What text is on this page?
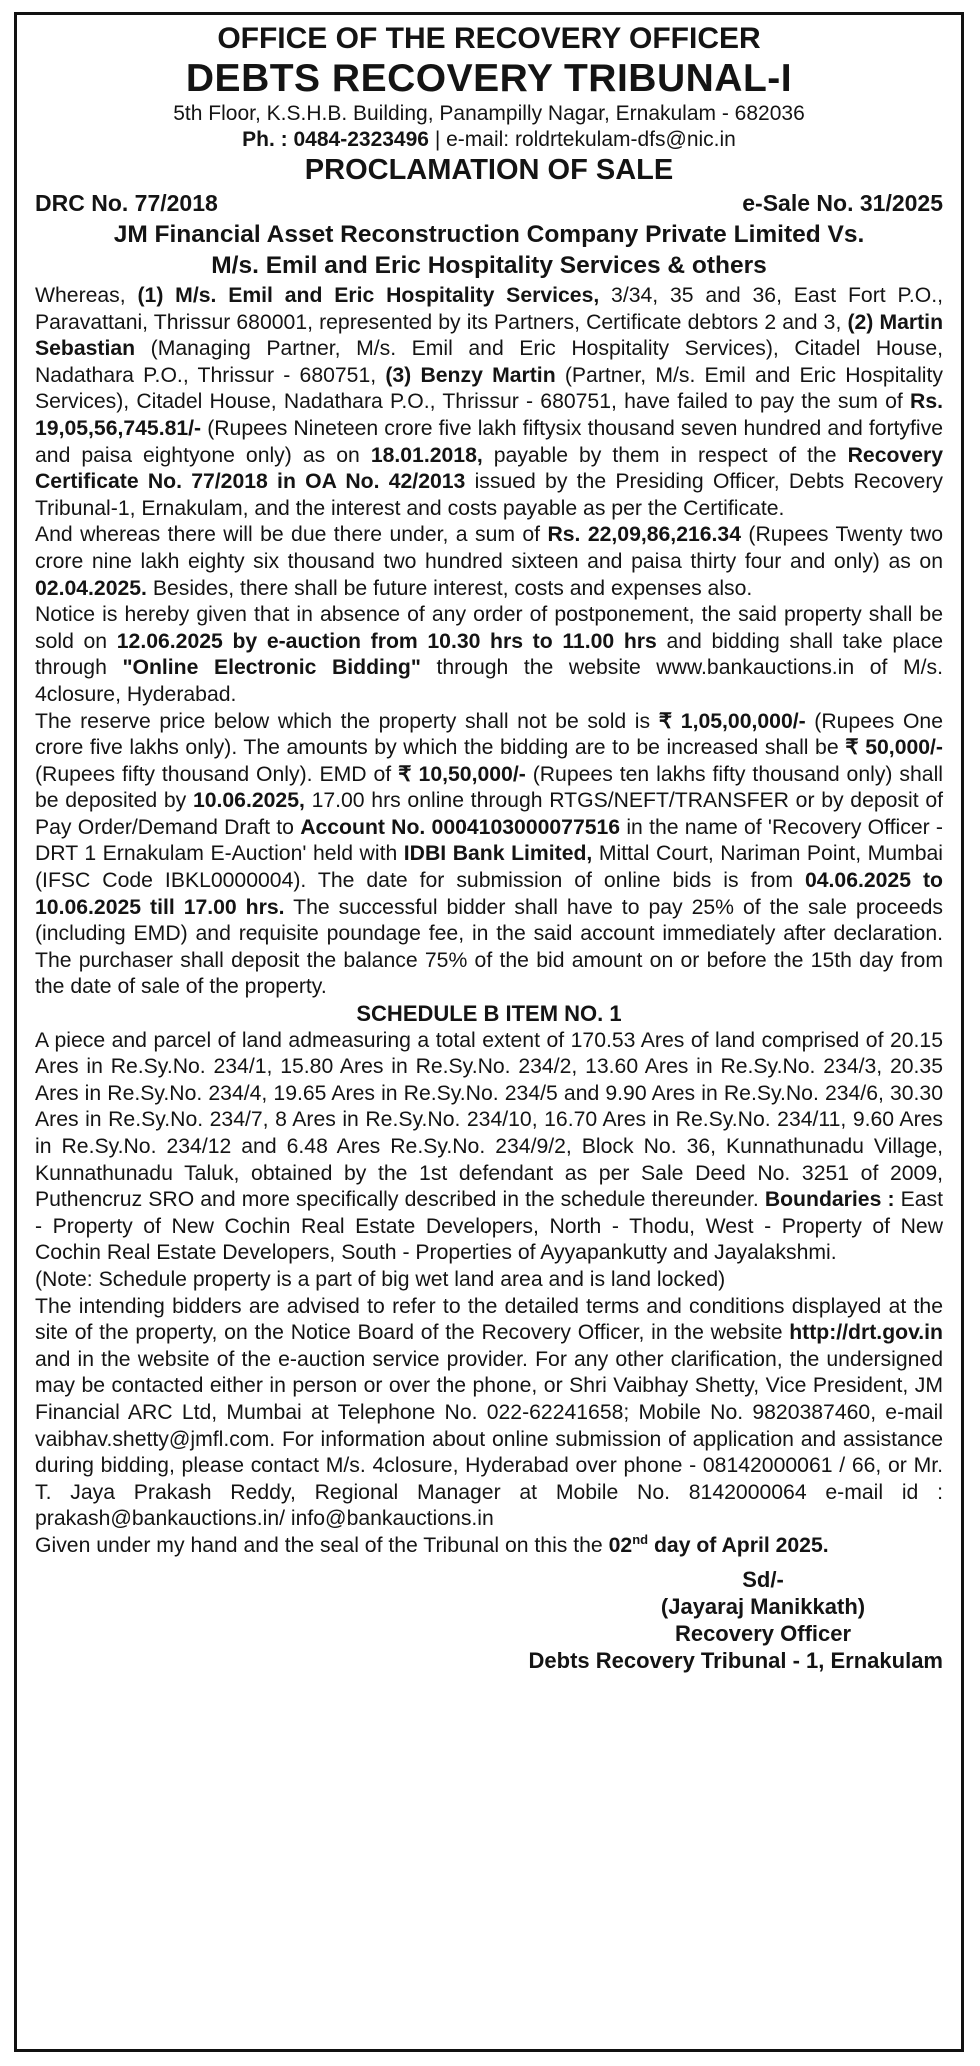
OFFICE OF THE RECOVERY OFFICER
DEBTS RECOVERY TRIBUNAL-I
5th Floor, K.S.H.B. Building, Panampilly Nagar, Ernakulam - 682036
Ph. : 0484-2323496 | e-mail: roldrtekulam-dfs@nic.in
PROCLAMATION OF SALE
DRC No. 77/2018	e-Sale No. 31/2025
JM Financial Asset Reconstruction Company Private Limited Vs.
M/s. Emil and Eric Hospitality Services & others

Whereas, (1) M/s. Emil and Eric Hospitality Services, 3/34, 35 and 36, East Fort P.O., Paravattani, Thrissur 680001, represented by its Partners, Certificate debtors 2 and 3, (2) Martin Sebastian (Managing Partner, M/s. Emil and Eric Hospitality Services), Citadel House, Nadathara P.O., Thrissur - 680751, (3) Benzy Martin (Partner, M/s. Emil and Eric Hospitality Services), Citadel House, Nadathara P.O., Thrissur - 680751, have failed to pay the sum of Rs. 19,05,56,745.81/- (Rupees Nineteen crore five lakh fiftysix thousand seven hundred and fortyfive and paisa eightyone only) as on 18.01.2018, payable by them in respect of the Recovery Certificate No. 77/2018 in OA No. 42/2013 issued by the Presiding Officer, Debts Recovery Tribunal-1, Ernakulam, and the interest and costs payable as per the Certificate.

And whereas there will be due there under, a sum of Rs. 22,09,86,216.34 (Rupees Twenty two crore nine lakh eighty six thousand two hundred sixteen and paisa thirty four and only) as on 02.04.2025. Besides, there shall be future interest, costs and expenses also.

Notice is hereby given that in absence of any order of postponement, the said property shall be sold on 12.06.2025 by e-auction from 10.30 hrs to 11.00 hrs and bidding shall take place through "Online Electronic Bidding" through the website www.bankauctions.in of M/s. 4closure, Hyderabad.

The reserve price below which the property shall not be sold is ₹ 1,05,00,000/- (Rupees One crore five lakhs only). The amounts by which the bidding are to be increased shall be ₹ 50,000/- (Rupees fifty thousand Only). EMD of ₹ 10,50,000/- (Rupees ten lakhs fifty thousand only) shall be deposited by 10.06.2025, 17.00 hrs online through RTGS/NEFT/TRANSFER or by deposit of Pay Order/Demand Draft to Account No. 0004103000077516 in the name of 'Recovery Officer - DRT 1 Ernakulam E-Auction' held with IDBI Bank Limited, Mittal Court, Nariman Point, Mumbai (IFSC Code IBKL0000004). The date for submission of online bids is from 04.06.2025 to 10.06.2025 till 17.00 hrs. The successful bidder shall have to pay 25% of the sale proceeds (including EMD) and requisite poundage fee, in the said account immediately after declaration. The purchaser shall deposit the balance 75% of the bid amount on or before the 15th day from the date of sale of the property.

SCHEDULE B ITEM NO. 1

A piece and parcel of land admeasuring a total extent of 170.53 Ares of land comprised of 20.15 Ares in Re.Sy.No. 234/1, 15.80 Ares in Re.Sy.No. 234/2, 13.60 Ares in Re.Sy.No. 234/3, 20.35 Ares in Re.Sy.No. 234/4, 19.65 Ares in Re.Sy.No. 234/5 and 9.90 Ares in Re.Sy.No. 234/6, 30.30 Ares in Re.Sy.No. 234/7, 8 Ares in Re.Sy.No. 234/10, 16.70 Ares in Re.Sy.No. 234/11, 9.60 Ares in Re.Sy.No. 234/12 and 6.48 Ares Re.Sy.No. 234/9/2, Block No. 36, Kunnathunadu Village, Kunnathunadu Taluk, obtained by the 1st defendant as per Sale Deed No. 3251 of 2009, Puthencruz SRO and more specifically described in the schedule thereunder. Boundaries : East - Property of New Cochin Real Estate Developers, North - Thodu, West - Property of New Cochin Real Estate Developers, South - Properties of Ayyapankutty and Jayalakshmi.

(Note: Schedule property is a part of big wet land area and is land locked)

The intending bidders are advised to refer to the detailed terms and conditions displayed at the site of the property, on the Notice Board of the Recovery Officer, in the website http://drt.gov.in and in the website of the e-auction service provider. For any other clarification, the undersigned may be contacted either in person or over the phone, or Shri Vaibhay Shetty, Vice President, JM Financial ARC Ltd, Mumbai at Telephone No. 022-62241658; Mobile No. 9820387460, e-mail vaibhav.shetty@jmfl.com. For information about online submission of application and assistance during bidding, please contact M/s. 4closure, Hyderabad over phone - 08142000061 / 66, or Mr. T. Jaya Prakash Reddy, Regional Manager at Mobile No. 8142000064 e-mail id : prakash@bankauctions.in/ info@bankauctions.in

Given under my hand and the seal of the Tribunal on this the 02nd day of April 2025.

Sd/-
(Jayaraj Manikkath)
Recovery Officer
Debts Recovery Tribunal - 1, Ernakulam
